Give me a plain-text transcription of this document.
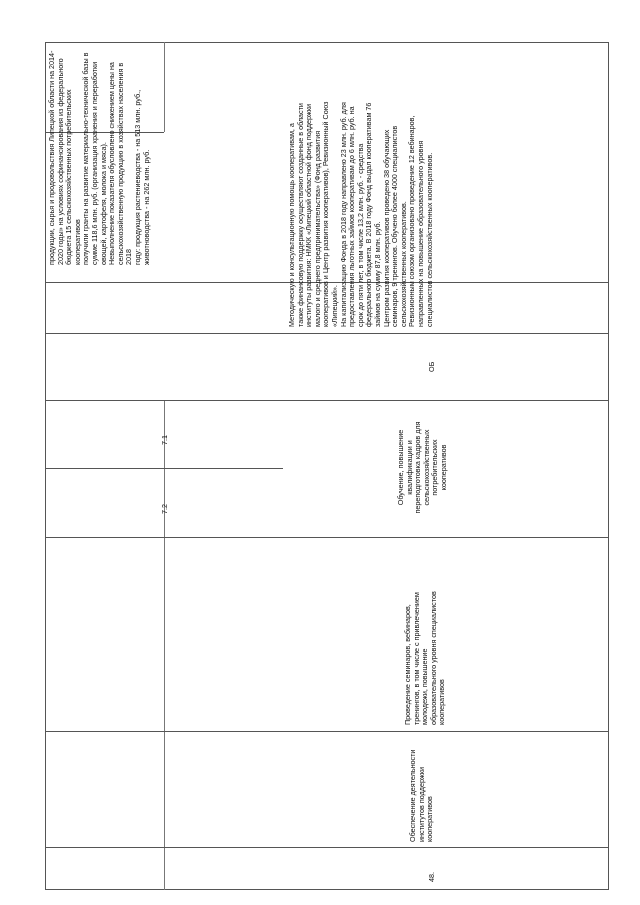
продукции, сырья и продовольствия Липецкой области на 2014-
2020 годы» на условиях софинансирования из федерального
бюджета 15 сельскохозяйственных потребительских кооперативов
получили гранты на развитие материально-технической базы в
сумме 118,6 млн. руб. (организация хранения и переработки
овощей, картофеля, молока и мяса).
Невыполнение показателя обусловлено снижением цены на
сельскохозяйственную продукцию в хозяйствах населения в 2018
году: продукция растениеводства - на 513 млн. руб.,
животноводства - на 262 млн. руб.
48.
Обеспечение деятельности
институтов поддержки
кооперативов
Проведение семинаров, вебинаров,
тренингов, в том числе с привлечением
молодежи, повышение
образовательного уровня специалистов
кооперативов
7.2
7.1
Обучение, повышение
квалификации и
переподготовка кадров для
сельскохозяйственных
потребительских
кооперативов
ОБ
Методическую и консультационную помощь кооперативам, а
также финансовую поддержку осуществляют созданные в области
институты развития: НМКК «Липецкий областной фонд поддержки
малого и среднего предпринимательства» (Фонд развития
кооперативов и Центр развития кооперативов), Ревизионный Союз
«Липецкий».
На капитализацию Фонда в 2018 году направлено 23 млн. руб. для
предоставления льготных займов кооперативам до 6 млн. руб. на
срок до пяти лет, в том числе 13,2 млн. руб. - средства
федерального бюджета. В 2018 году Фонд выдал кооперативам 76
займов на сумму 87,8 млн. руб.
Центром развития кооперативов проведено 38 обучающих
семинаров, 9 тренингов. Обучено более 4000 специалистов
сельскохозяйственных кооперативов.
Ревизионным союзом организовано проведение 12 вебинаров,
направленных на повышение образовательного уровня
специалистов сельскохозяйственных кооперативов.
